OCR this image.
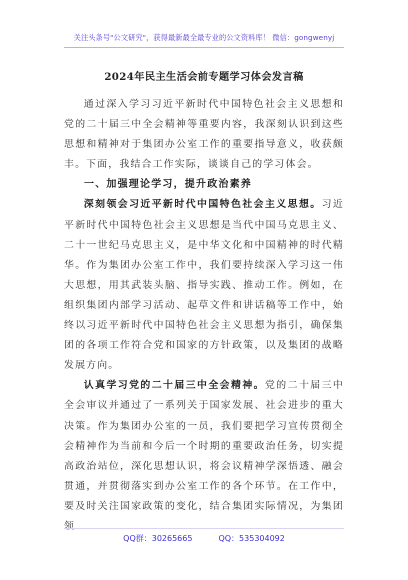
关注头条号"公文研究"，获得最新最全最专业的公文资料库！ 微信：gongwenyj
2024年民主生活会前专题学习体会发言稿

通过深入学习习近平新时代中国特色社会主义思想和党的二十届三中全会精神等重要内容，我深刻认识到这些思想和精神对于集团办公室工作的重要指导意义，收获颇丰。下面，我结合工作实际，谈谈自己的学习体会。

一、加强理论学习，提升政治素养

深刻领会习近平新时代中国特色社会主义思想。习近平新时代中国特色社会主义思想是当代中国马克思主义、二十一世纪马克思主义，是中华文化和中国精神的时代精华。作为集团办公室工作中，我们要持续深入学习这一伟大思想，用其武装头脑、指导实践、推动工作。例如，在组织集团内部学习活动、起草文件和讲话稿等工作中，始终以习近平新时代中国特色社会主义思想为指引，确保集团的各项工作符合党和国家的方针政策，以及集团的战略发展方向。

认真学习党的二十届三中全会精神。党的二十届三中全会审议并通过了一系列关于国家发展、社会进步的重大决策。作为集团办公室的一员，我们要把学习宣传贯彻全会精神作为当前和今后一个时期的重要政治任务，切实提高政治站位，深化思想认识，将会议精神学深悟透、融会贯通，并贯彻落实到办公室工作的各个环节。在工作中，要及时关注国家政策的变化，结合集团实际情况，为集团领

QQ群：30265665	QQ：535304092
